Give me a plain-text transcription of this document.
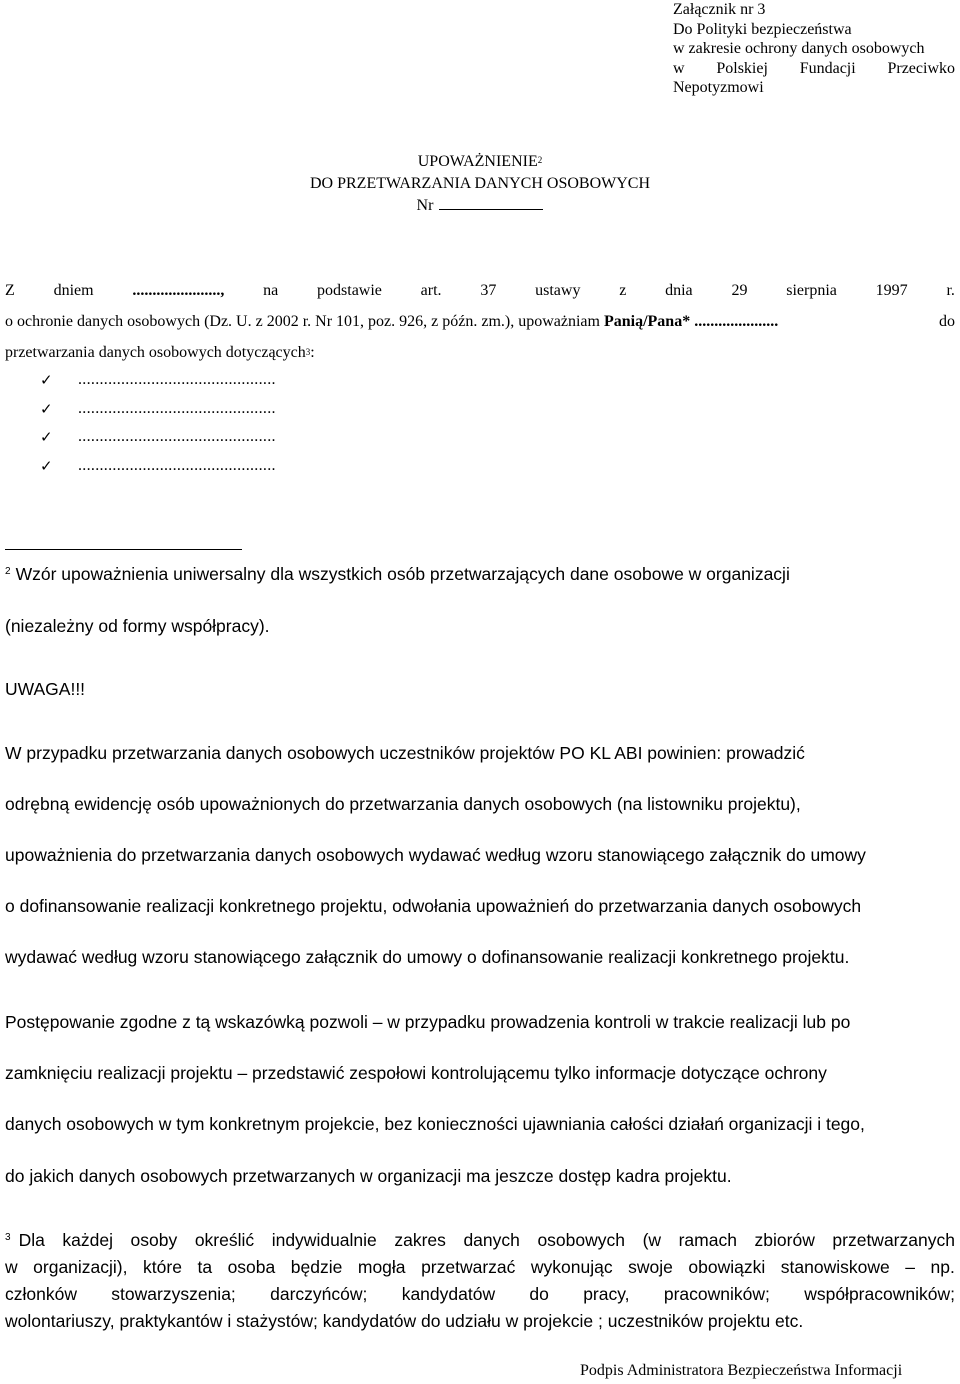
Załącznik nr 3
Do Polityki bezpieczeństwa
w zakresie ochrony danych osobowych
w Polskiej Fundacji Przeciwko
Nepotyzmowi
UPOWAŻNIENIE$^2$
DO PRZETWARZANIA DANYCH OSOBOWYCH
Nr
Z dniem ......................, na podstawie art. 37 ustawy z dnia 29 sierpnia 1997 r.
o ochronie danych osobowych (Dz. U. z 2002 r. Nr 101, poz. 926, z późn. zm.), upoważniam Panią/Pana* .....................	do
przetwarzania danych osobowych dotyczących$^3$:
✓	..............................................
✓	..............................................
✓	..............................................
✓	..............................................
$^2$ Wzór upoważnienia uniwersalny dla wszystkich osób przetwarzających dane osobowe w organizacji
(niezależny od formy współpracy).
UWAGA!!!
W przypadku przetwarzania danych osobowych uczestników projektów PO KL ABI powinien: prowadzić
odrębną ewidencję osób upoważnionych do przetwarzania danych osobowych (na listowniku projektu),
upoważnienia do przetwarzania danych osobowych wydawać według wzoru stanowiącego załącznik do umowy
o dofinansowanie realizacji konkretnego projektu, odwołania upoważnień do przetwarzania danych osobowych
wydawać według wzoru stanowiącego załącznik do umowy o dofinansowanie realizacji konkretnego projektu.
Postępowanie zgodne z tą wskazówką pozwoli – w przypadku prowadzenia kontroli w trakcie realizacji lub po
zamknięciu realizacji projektu – przedstawić zespołowi kontrolującemu tylko informacje dotyczące ochrony
danych osobowych w tym konkretnym projekcie, bez konieczności ujawniania całości działań organizacji i tego,
do jakich danych osobowych przetwarzanych w organizacji ma jeszcze dostęp kadra projektu.
$^3$ Dla każdej osoby określić indywidualnie zakres danych osobowych (w ramach zbiorów przetwarzanych
w organizacji), które ta osoba będzie mogła przetwarzać wykonując swoje obowiązki stanowiskowe – np.
członków stowarzyszenia; darczyńców; kandydatów do pracy, pracowników; współpracowników;
wolontariuszy, praktykantów i stażystów; kandydatów do udziału w projekcie ; uczestników projektu etc.
Podpis Administratora Bezpieczeństwa Informacji
